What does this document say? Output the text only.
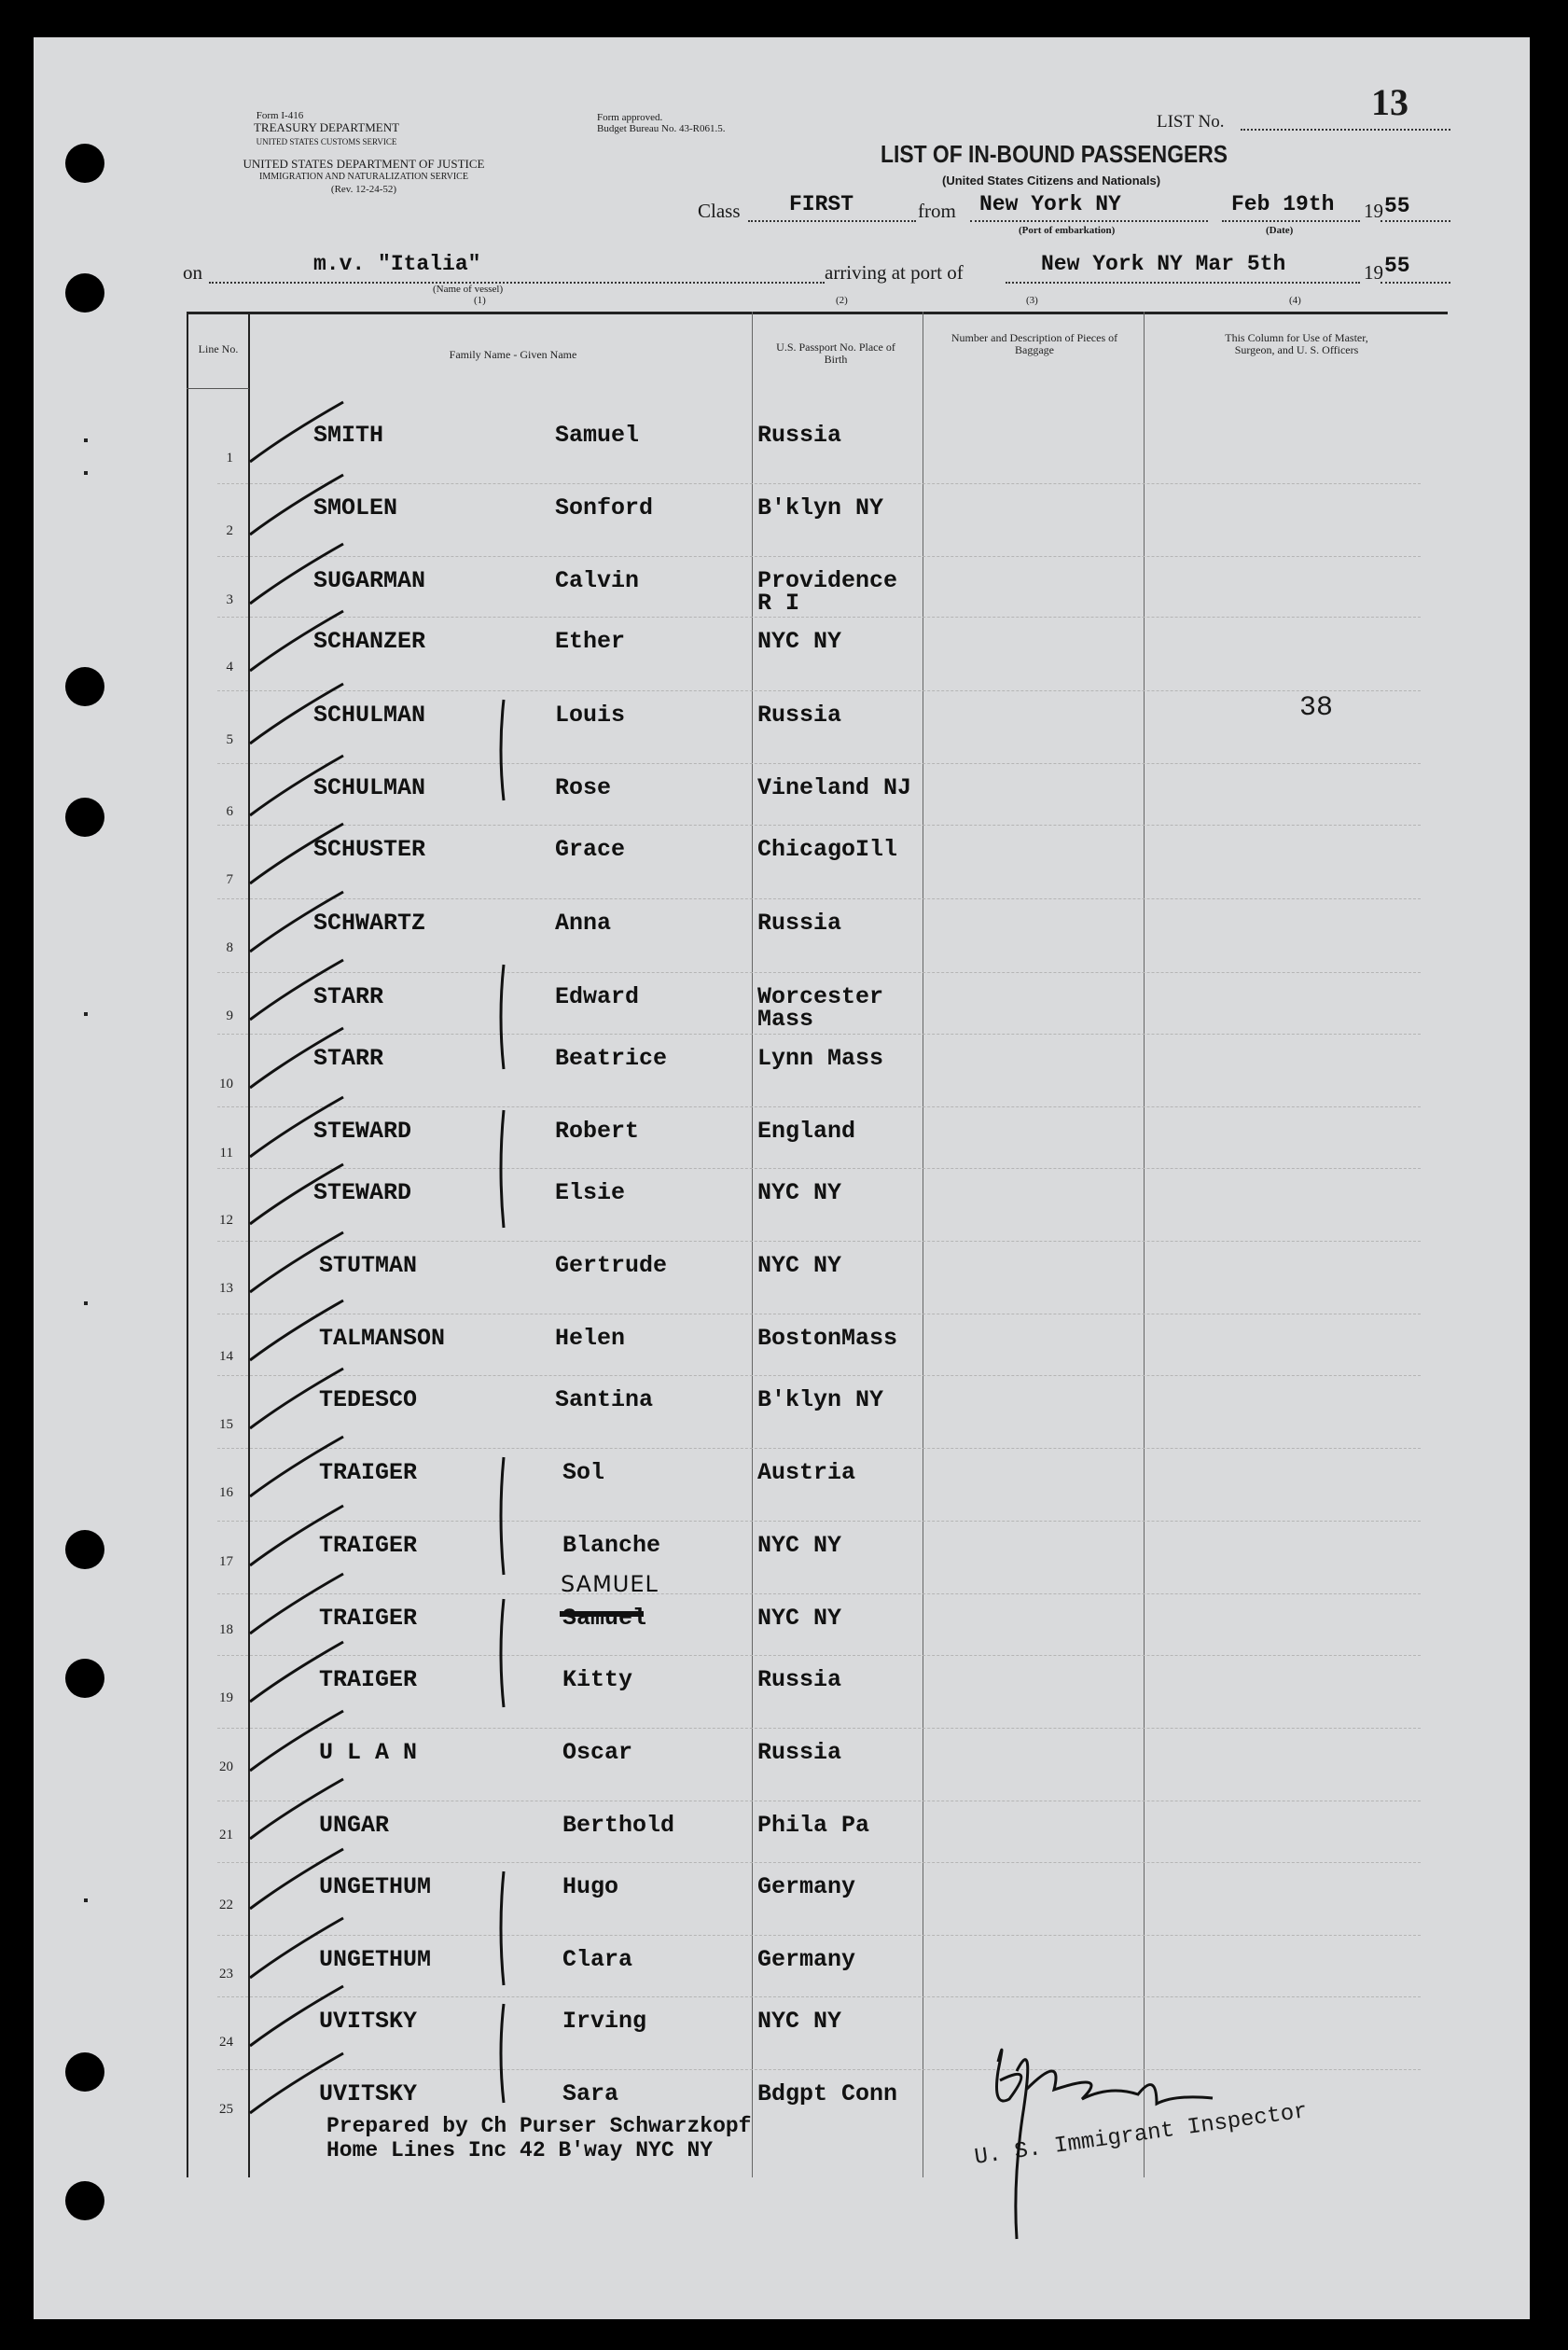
Form I-416
TREASURY DEPARTMENT
UNITED STATES CUSTOMS SERVICE
Form approved.
Budget Bureau No. 43-R061.5.
UNITED STATES DEPARTMENT OF JUSTICE
IMMIGRATION AND NATURALIZATION SERVICE
(Rev. 12-24-52)
LIST No.	13
LIST OF IN-BOUND PASSENGERS
(United States Citizens and Nationals)
Class FIRST	from New York NY	Feb 19th 19 55
(Port of embarkation)	(Date)
on	m.v. "Italia"	arriving at port of	New York NY Mar 5th	19 55
(Name of vessel)
(1)	(2)	(3)	(4)
Line No.	Family Name - Given Name
U.S. Passport No. Place of Birth
Number and Description of Pieces of Baggage
This Column for Use of Master, Surgeon, and U. S. Officers
1
SMITH	Samuel	Russia
2
SMOLEN	Sonford	B'klyn NY
3
SUGARMAN	Calvin	Providence
R I
4
SCHANZER	Ether	NYC NY
5
SCHULMAN	Louis	Russia
6
SCHULMAN	Rose	Vineland NJ
7
SCHUSTER	Grace	ChicagoIll
8
SCHWARTZ	Anna	Russia
9
STARR	Edward	Worcester
Mass
10
STARR	Beatrice	Lynn Mass
11
STEWARD	Robert	England
12
STEWARD	Elsie	NYC NY
13
STUTMAN	Gertrude	NYC NY
14
TALMANSON	Helen	BostonMass
15
TEDESCO	Santina	B'klyn NY
16
TRAIGER	Sol	Austria
17
TRAIGER	Blanche	NYC NY
18	TRAIGER	Samuel	NYC NY
19
TRAIGER	Kitty	Russia
20
U L A N	Oscar	Russia
21	UNGAR	Berthold	Phila Pa
22
UNGETHUM	Hugo	Germany
23
UNGETHUM	Clara	Germany
24
UVITSKY	Irving	NYC NY
25
UVITSKY	Sara	Bdgpt Conn
SAMUEL
38
Prepared by Ch Purser Schwarzkopf
Home Lines Inc 42 B'way NYC NY	U. S. Immigrant Inspector
